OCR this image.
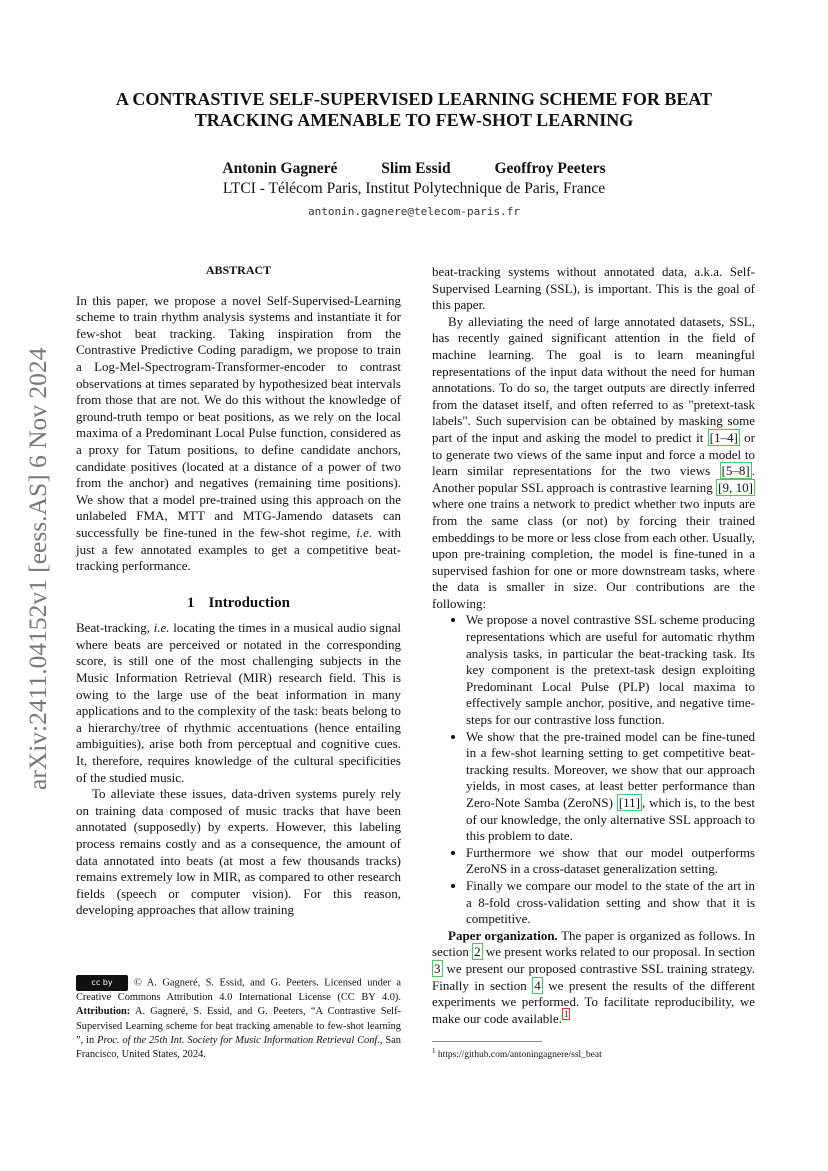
arXiv:2411.04152v1 [eess.AS] 6 Nov 2024
A CONTRASTIVE SELF-SUPERVISED LEARNING SCHEME FOR BEAT
TRACKING AMENABLE TO FEW-SHOT LEARNING
Antonin Gagneré	Slim Essid	Geoffroy Peeters
LTCI - Télécom Paris, Institut Polytechnique de Paris, France
antonin.gagnere@telecom-paris.fr

ABSTRACT

In this paper, we propose a novel Self-Supervised-Learning scheme to train rhythm analysis systems and instantiate it for few-shot beat tracking. Taking inspiration from the Contrastive Predictive Coding paradigm, we propose to train a Log-Mel-Spectrogram-Transformer-encoder to contrast observations at times separated by hypothesized beat intervals from those that are not. We do this without the knowledge of ground-truth tempo or beat positions, as we rely on the local maxima of a Predominant Local Pulse function, considered as a proxy for Tatum positions, to define candidate anchors, candidate positives (located at a distance of a power of two from the anchor) and negatives (remaining time positions). We show that a model pre-trained using this approach on the unlabeled FMA, MTT and MTG-Jamendo datasets can successfully be fine-tuned in the few-shot regime, i.e. with just a few annotated examples to get a competitive beat-tracking performance.

1 Introduction

Beat-tracking, i.e. locating the times in a musical audio signal where beats are perceived or notated in the corresponding score, is still one of the most challenging subjects in the Music Information Retrieval (MIR) research field. This is owing to the large use of the beat information in many applications and to the complexity of the task: beats belong to a hierarchy/tree of rhythmic accentuations (hence entailing ambiguities), arise both from perceptual and cognitive cues. It, therefore, requires knowledge of the cultural specificities of the studied music.

To alleviate these issues, data-driven systems purely rely on training data composed of music tracks that have been annotated (supposedly) by experts. However, this labeling process remains costly and as a consequence, the amount of data annotated into beats (at most a few thousands tracks) remains extremely low in MIR, as compared to other research fields (speech or computer vision). For this reason, developing approaches that allow training

cc by © A. Gagneré, S. Essid, and G. Peeters. Licensed under a Creative Commons Attribution 4.0 International License (CC BY 4.0). Attribution: A. Gagneré, S. Essid, and G. Peeters, “A Contrastive Self-Supervised Learning scheme for beat tracking amenable to few-shot learning ”, in Proc. of the 25th Int. Society for Music Information Retrieval Conf., San Francisco, United States, 2024.

beat-tracking systems without annotated data, a.k.a. Self-Supervised Learning (SSL), is important. This is the goal of this paper.

By alleviating the need of large annotated datasets, SSL, has recently gained significant attention in the field of machine learning. The goal is to learn meaningful representations of the input data without the need for human annotations. To do so, the target outputs are directly inferred from the dataset itself, and often referred to as "pretext-task labels". Such supervision can be obtained by masking some part of the input and asking the model to predict it [1–4] or to generate two views of the same input and force a model to learn similar representations for the two views [5–8] . Another popular SSL approach is contrastive learning [9, 10] where one trains a network to predict whether two inputs are from the same class (or not) by forcing their trained embeddings to be more or less close from each other. Usually, upon pre-training completion, the model is fine-tuned in a supervised fashion for one or more downstream tasks, where the data is smaller in size. Our contributions are the following:

• We propose a novel contrastive SSL scheme producing representations which are useful for automatic rhythm analysis tasks, in particular the beat-tracking task. Its key component is the pretext-task design exploiting Predominant Local Pulse (PLP) local maxima to effectively sample anchor, positive, and negative time-steps for our contrastive loss function.
• We show that the pre-trained model can be fine-tuned in a few-shot learning setting to get competitive beat-tracking results. Moreover, we show that our approach yields, in most cases, at least better performance than Zero-Note Samba (ZeroNS) [11] , which is, to the best of our knowledge, the only alternative SSL approach to this problem to date.
• Furthermore we show that our model outperforms ZeroNS in a cross-dataset generalization setting.
• Finally we compare our model to the state of the art in a 8-fold cross-validation setting and show that it is competitive.

Paper organization. The paper is organized as follows. In section 2 we present works related to our proposal. In section 3 we present our proposed contrastive SSL training strategy. Finally in section 4 we present the results of the different experiments we performed. To facilitate reproducibility, we make our code available. $^1$

$^1$ https://github.com/antoningagnere/ssl_beat
